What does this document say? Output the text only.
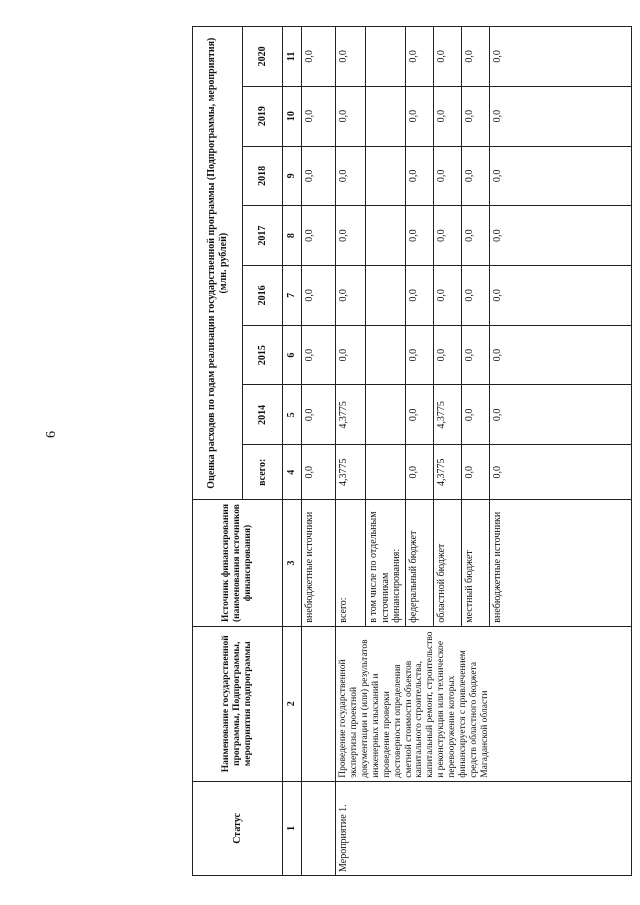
6
Статус	Наименование государственной программы, Подпрограммы, мероприятия подпрограммы	Источник финансирования (наименования источников финансирования)	Оценка расходов по годам реализации государственной программы (Подпрограммы, мероприятия) (млн. рублей)							
			всего:	2014	2015	2016	2017	2018	2019	2020
1	2	3	4	5	6	7	8	9	10	11
		внебюджетные источники	0,0	0,0	0,0	0,0	0,0	0,0	0,0	0,0
Мероприятие 1.	Проведение государственной экспертизы проектной документации и (или) результатов инженерных изысканий и проведение проверки достоверности определения сметной стоимости объектов капитального строительства, капитальный ремонт, строительство и реконструкция или техническое перевооружение которых финансируется с привлечением средств областного бюджета Магаданской области	всего:	4,3775	4,3775	0,0	0,0	0,0	0,0	0,0	0,0
		в том числе по отдельным источникам финансирования:								
		федеральный бюджет	0,0	0,0	0,0	0,0	0,0	0,0	0,0	0,0
		областной бюджет	4,3775	4,3775	0,0	0,0	0,0	0,0	0,0	0,0
		местный бюджет	0,0	0,0	0,0	0,0	0,0	0,0	0,0	0,0
		внебюджетные источники	0,0	0,0	0,0	0,0	0,0	0,0	0,0	0,0
